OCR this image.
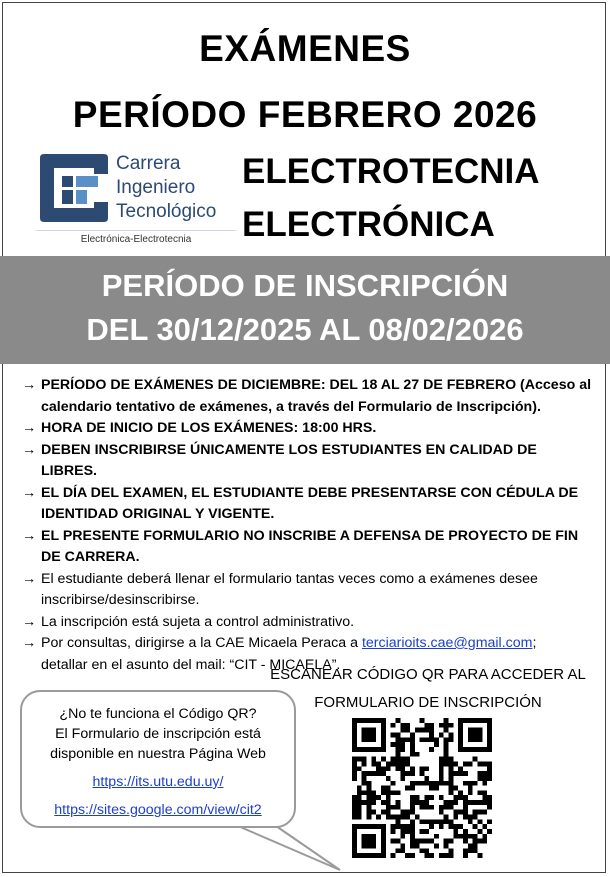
EXÁMENES
PERÍODO FEBRERO 2026
Carrera
Ingeniero
Tecnológico
Electrónica-Electrotecnia
ELECTROTECNIA
ELECTRÓNICA
PERÍODO DE INSCRIPCIÓN
DEL 30/12/2025 AL 08/02/2026
→ PERÍODO DE EXÁMENES DE DICIEMBRE: DEL 18 AL 27 DE FEBRERO (Acceso al calendario tentativo de exámenes, a través del Formulario de Inscripción).
→ HORA DE INICIO DE LOS EXÁMENES: 18:00 HRS.
→ DEBEN INSCRIBIRSE ÚNICAMENTE LOS ESTUDIANTES EN CALIDAD DE LIBRES.
→ EL DÍA DEL EXAMEN, EL ESTUDIANTE DEBE PRESENTARSE CON CÉDULA DE IDENTIDAD ORIGINAL Y VIGENTE.
→ EL PRESENTE FORMULARIO NO INSCRIBE A DEFENSA DE PROYECTO DE FIN DE CARRERA.
→ El estudiante deberá llenar el formulario tantas veces como a exámenes desee inscribirse/desinscribirse.
→ La inscripción está sujeta a control administrativo.
→ Por consultas, dirigirse a la CAE Micaela Peraca a terciarioits.cae@gmail.com;
detallar en el asunto del mail: “CIT - MICAELA”.
ESCANEAR CÓDIGO QR PARA ACCEDER AL
FORMULARIO DE INSCRIPCIÓN
¿No te funciona el Código QR?
El Formulario de inscripción está
disponible en nuestra Página Web
https://its.utu.edu.uy/
https://sites.google.com/view/cit2
